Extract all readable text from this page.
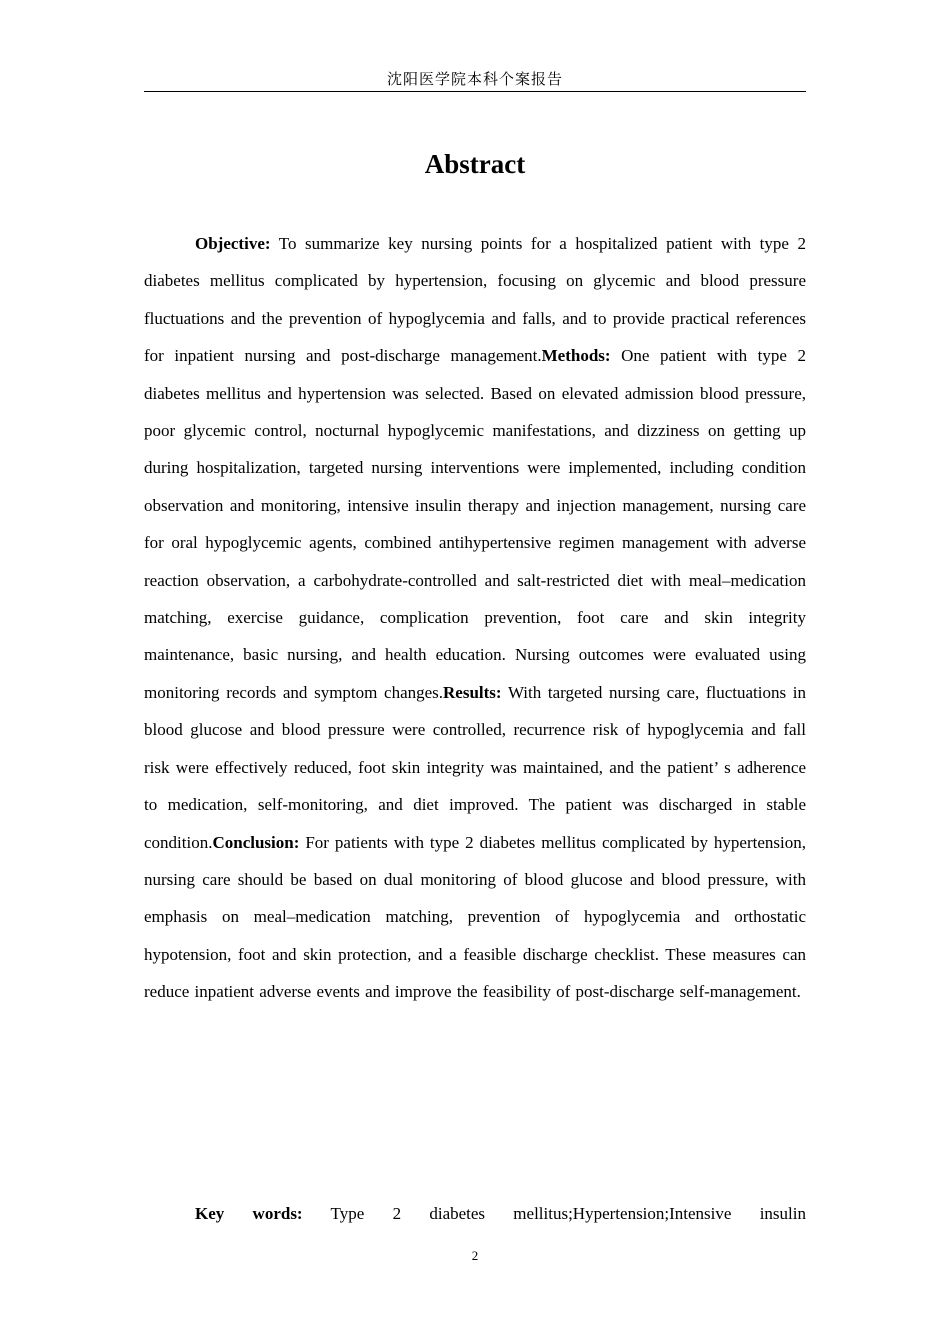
沈阳医学院本科个案报告
Abstract

Objective: To summarize key nursing points for a hospitalized patient with type 2 diabetes mellitus complicated by hypertension, focusing on glycemic and blood pressure fluctuations and the prevention of hypoglycemia and falls, and to provide practical references for inpatient nursing and post-discharge management.Methods: One patient with type 2 diabetes mellitus and hypertension was selected. Based on elevated admission blood pressure, poor glycemic control, nocturnal hypoglycemic manifestations, and dizziness on getting up during hospitalization, targeted nursing interventions were implemented, including condition observation and monitoring, intensive insulin therapy and injection management, nursing care for oral hypoglycemic agents, combined antihypertensive regimen management with adverse reaction observation, a carbohydrate-controlled and salt-restricted diet with meal–medication matching, exercise guidance, complication prevention, foot care and skin integrity maintenance, basic nursing, and health education. Nursing outcomes were evaluated using monitoring records and symptom changes.Results: With targeted nursing care, fluctuations in blood glucose and blood pressure were controlled, recurrence risk of hypoglycemia and fall risk were effectively reduced, foot skin integrity was maintained, and the patient’ s adherence to medication, self-monitoring, and diet improved. The patient was discharged in stable condition.Conclusion: For patients with type 2 diabetes mellitus complicated by hypertension, nursing care should be based on dual monitoring of blood glucose and blood pressure, with emphasis on meal–medication matching, prevention of hypoglycemia and orthostatic hypotension, foot and skin protection, and a feasible discharge checklist. These measures can reduce inpatient adverse events and improve the feasibility of post-discharge self-management.

Key words: Type 2 diabetes mellitus;Hypertension;Intensive insulin

2
